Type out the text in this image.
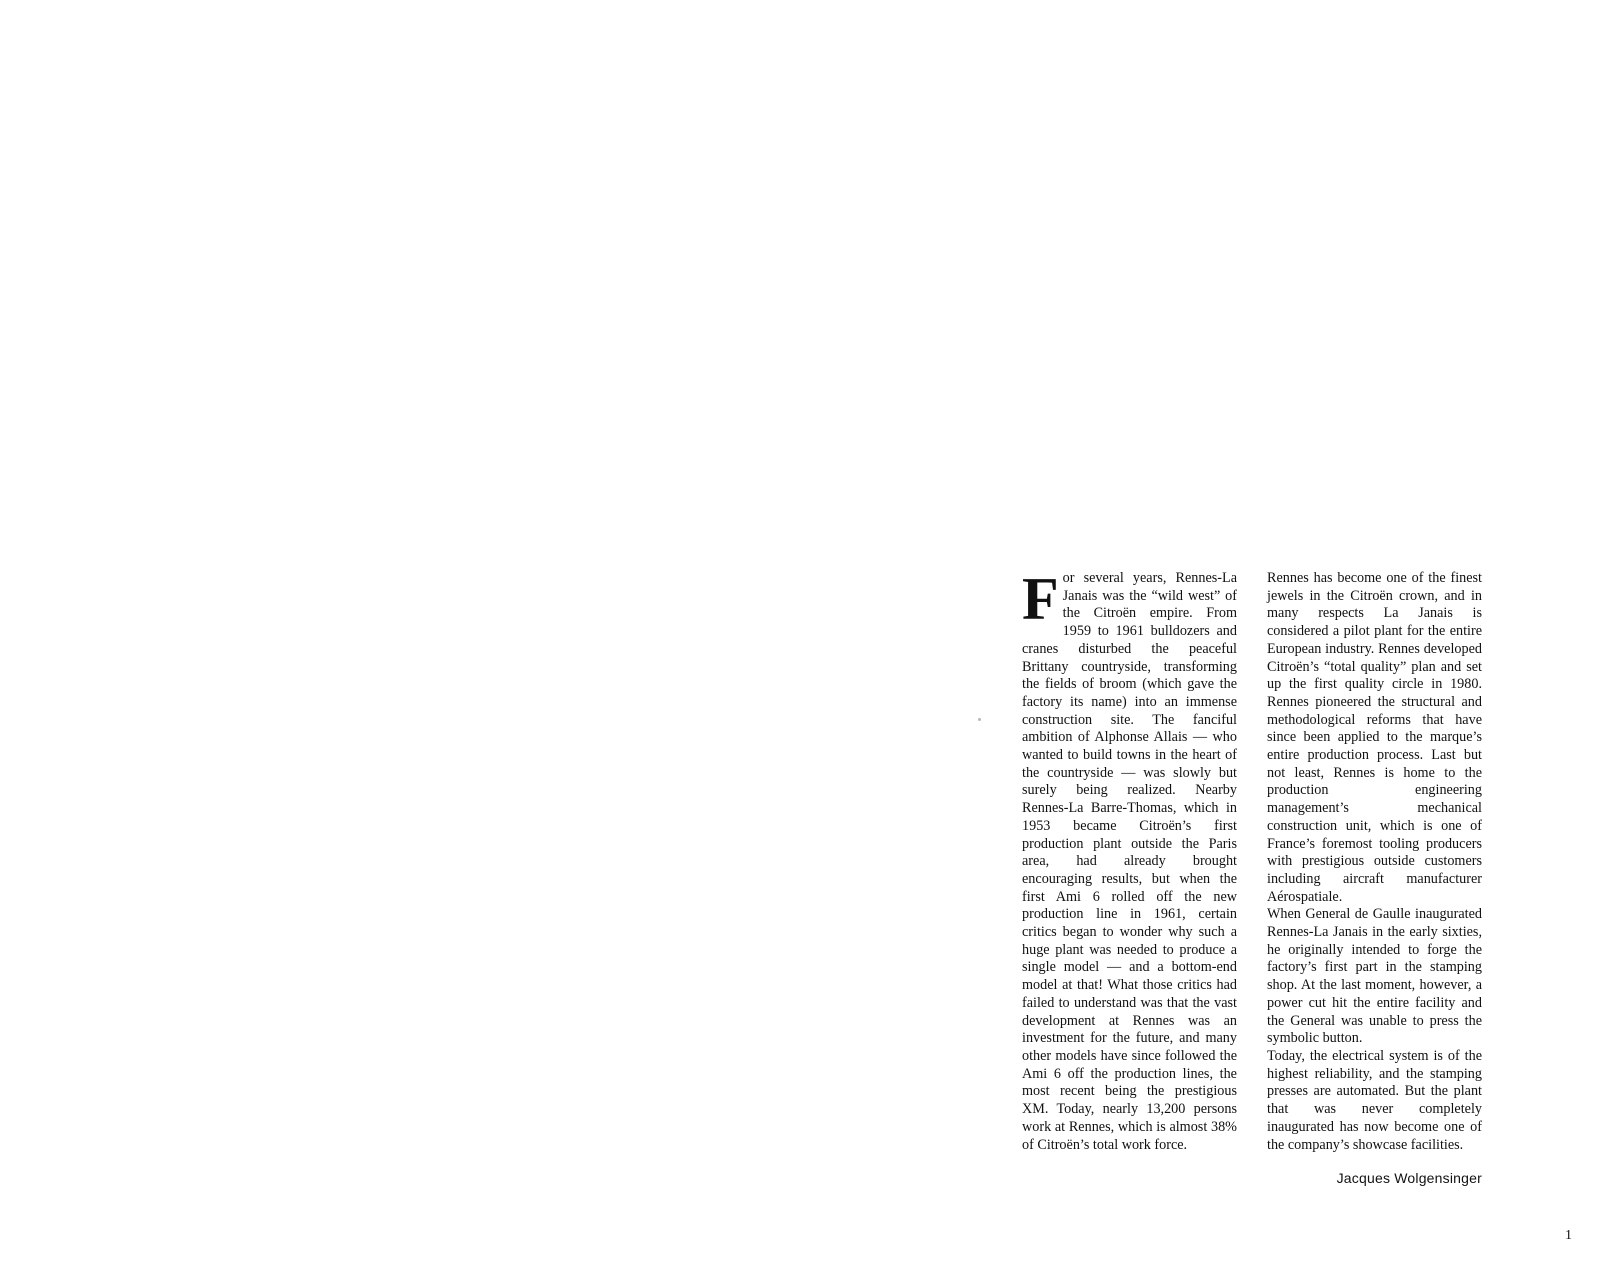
For several years, Rennes-La Janais was the “wild west” of the Citroën empire. From 1959 to 1961 bulldozers and cranes disturbed the peaceful Brittany countryside, transforming the fields of broom (which gave the factory its name) into an immense construction site. The fanciful ambition of Alphonse Allais — who wanted to build towns in the heart of the countryside — was slowly but surely being realized. Nearby Rennes-La Barre-Thomas, which in 1953 became Citroën’s first production plant outside the Paris area, had already brought encouraging results, but when the first Ami 6 rolled off the new production line in 1961, certain critics began to wonder why such a huge plant was needed to produce a single model — and a bottom-end model at that! What those critics had failed to understand was that the vast development at Rennes was an investment for the future, and many other models have since followed the Ami 6 off the production lines, the most recent being the prestigious XM. Today, nearly 13,200 persons work at Rennes, which is almost 38% of Citroën’s total work force.

Rennes has become one of the finest jewels in the Citroën crown, and in many respects La Janais is considered a pilot plant for the entire European industry. Rennes developed Citroën’s “total quality” plan and set up the first quality circle in 1980. Rennes pioneered the structural and methodological reforms that have since been applied to the marque’s entire production process. Last but not least, Rennes is home to the production engineering management’s mechanical construction unit, which is one of France’s foremost tooling producers with prestigious outside customers including aircraft manufacturer Aérospatiale.

When General de Gaulle inaugurated Rennes-La Janais in the early sixties, he originally intended to forge the factory’s first part in the stamping shop. At the last moment, however, a power cut hit the entire facility and the General was unable to press the symbolic button.

Today, the electrical system is of the highest reliability, and the stamping presses are automated. But the plant that was never completely inaugurated has now become one of the company’s showcase facilities.

Jacques Wolgensinger
1
